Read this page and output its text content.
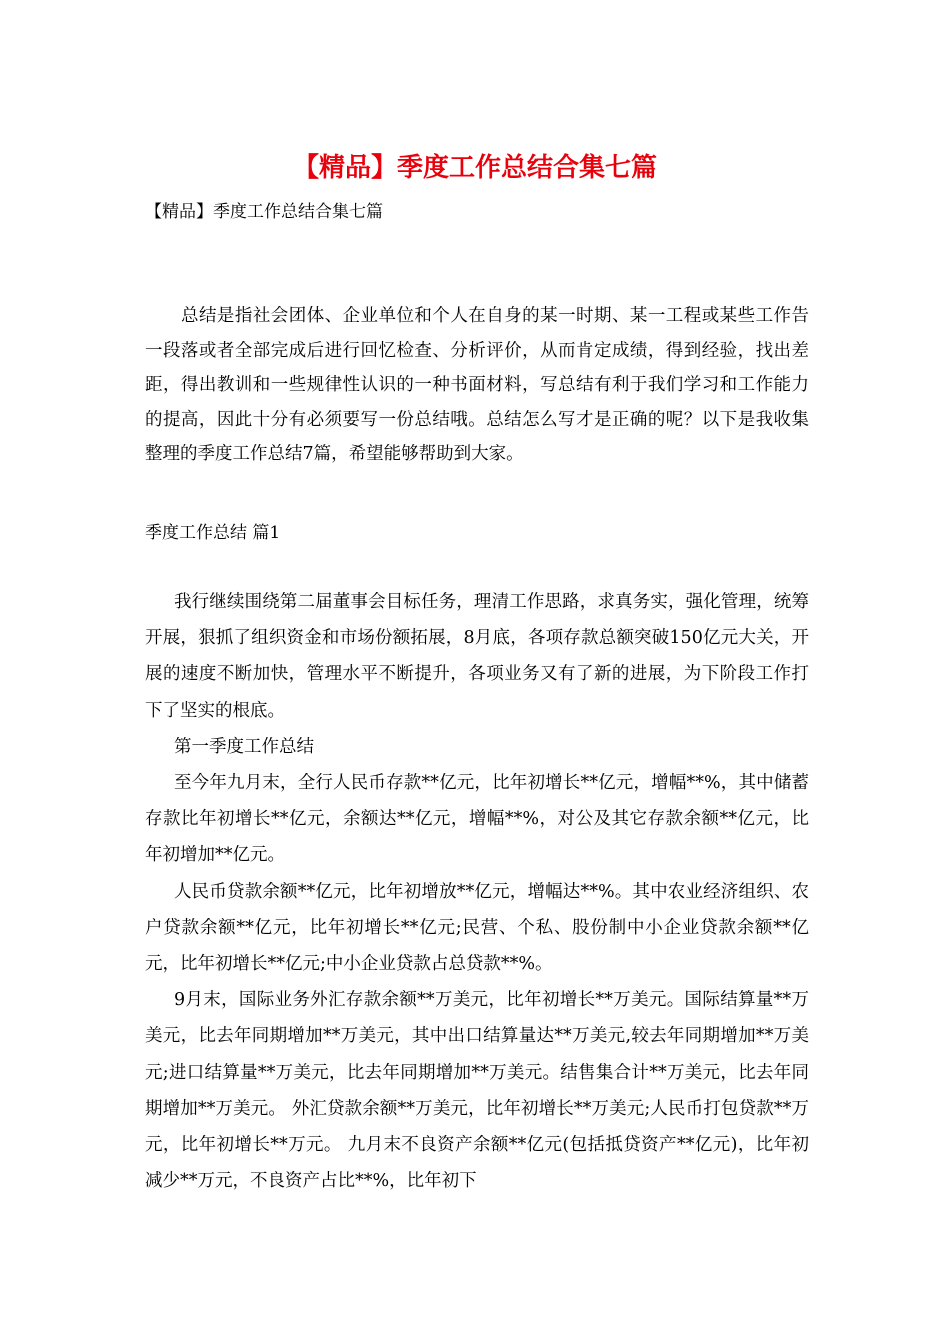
【精品】季度工作总结合集七篇
【精品】季度工作总结合集七篇

总结是指社会团体、企业单位和个人在自身的某一时期、某一工程或某些工作告一段落或者全部完成后进行回忆检查、分析评价，从而肯定成绩，得到经验，找出差距，得出教训和一些规律性认识的一种书面材料，写总结有利于我们学习和工作能力的提高，因此十分有必须要写一份总结哦。总结怎么写才是正确的呢？以下是我收集整理的季度工作总结7篇，希望能够帮助到大家。

季度工作总结 篇1

我行继续围绕第二届董事会目标任务，理清工作思路，求真务实，强化管理，统筹开展，狠抓了组织资金和市场份额拓展，8月底，各项存款总额突破150亿元大关，开展的速度不断加快，管理水平不断提升，各项业务又有了新的进展，为下阶段工作打下了坚实的根底。

第一季度工作总结

至今年九月末，全行人民币存款**亿元，比年初增长**亿元，增幅**%，其中储蓄存款比年初增长**亿元，余额达**亿元，增幅**%，对公及其它存款余额**亿元，比年初增加**亿元。

人民币贷款余额**亿元，比年初增放**亿元，增幅达**%。其中农业经济组织、农户贷款余额**亿元，比年初增长**亿元;民营、个私、股份制中小企业贷款余额**亿元，比年初增长**亿元;中小企业贷款占总贷款**%。

9月末，国际业务外汇存款余额**万美元，比年初增长**万美元。国际结算量**万美元，比去年同期增加**万美元，其中出口结算量达**万美元,较去年同期增加**万美元;进口结算量**万美元，比去年同期增加**万美元。结售集合计**万美元，比去年同期增加**万美元。 外汇贷款余额**万美元，比年初增长**万美元;人民币打包贷款**万元，比年初增长**万元。 九月末不良资产余额**亿元(包括抵贷资产**亿元)，比年初减少**万元，不良资产占比**%，比年初下
